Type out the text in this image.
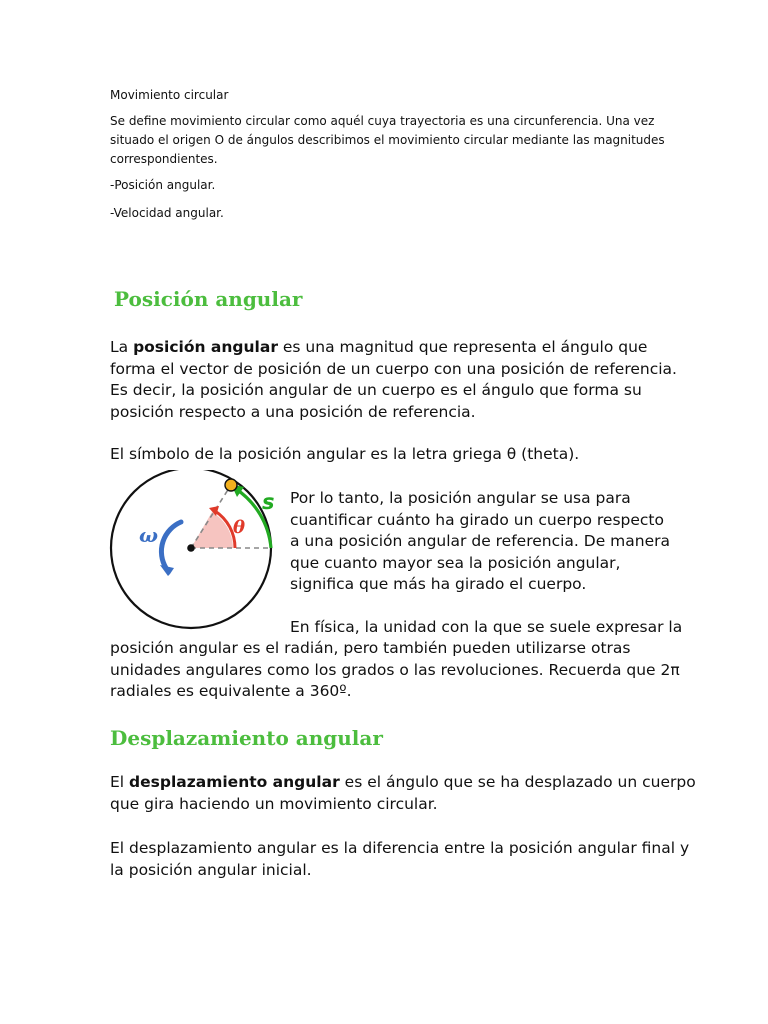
Movimiento circular
Se define movimiento circular como aquél cuya trayectoria es una circunferencia. Una vez
situado el origen O de ángulos describimos el movimiento circular mediante las magnitudes
correspondientes.
-Posición angular.
-Velocidad angular.
Posición angular
La posición angular es una magnitud que representa el ángulo que
forma el vector de posición de un cuerpo con una posición de referencia.
Es decir, la posición angular de un cuerpo es el ángulo que forma su
posición respecto a una posición de referencia.
El símbolo de la posición angular es la letra griega θ (theta).
ω	θ
s Por lo tanto, la posición angular se usa para
cuantificar cuánto ha girado un cuerpo respecto
a una posición angular de referencia. De manera
que cuanto mayor sea la posición angular,
significa que más ha girado el cuerpo.
En física, la unidad con la que se suele expresar la
posición angular es el radián, pero también pueden utilizarse otras
unidades angulares como los grados o las revoluciones. Recuerda que 2π
radiales es equivalente a 360º.
Desplazamiento angular
El desplazamiento angular es el ángulo que se ha desplazado un cuerpo
que gira haciendo un movimiento circular.
El desplazamiento angular es la diferencia entre la posición angular final y
la posición angular inicial.
